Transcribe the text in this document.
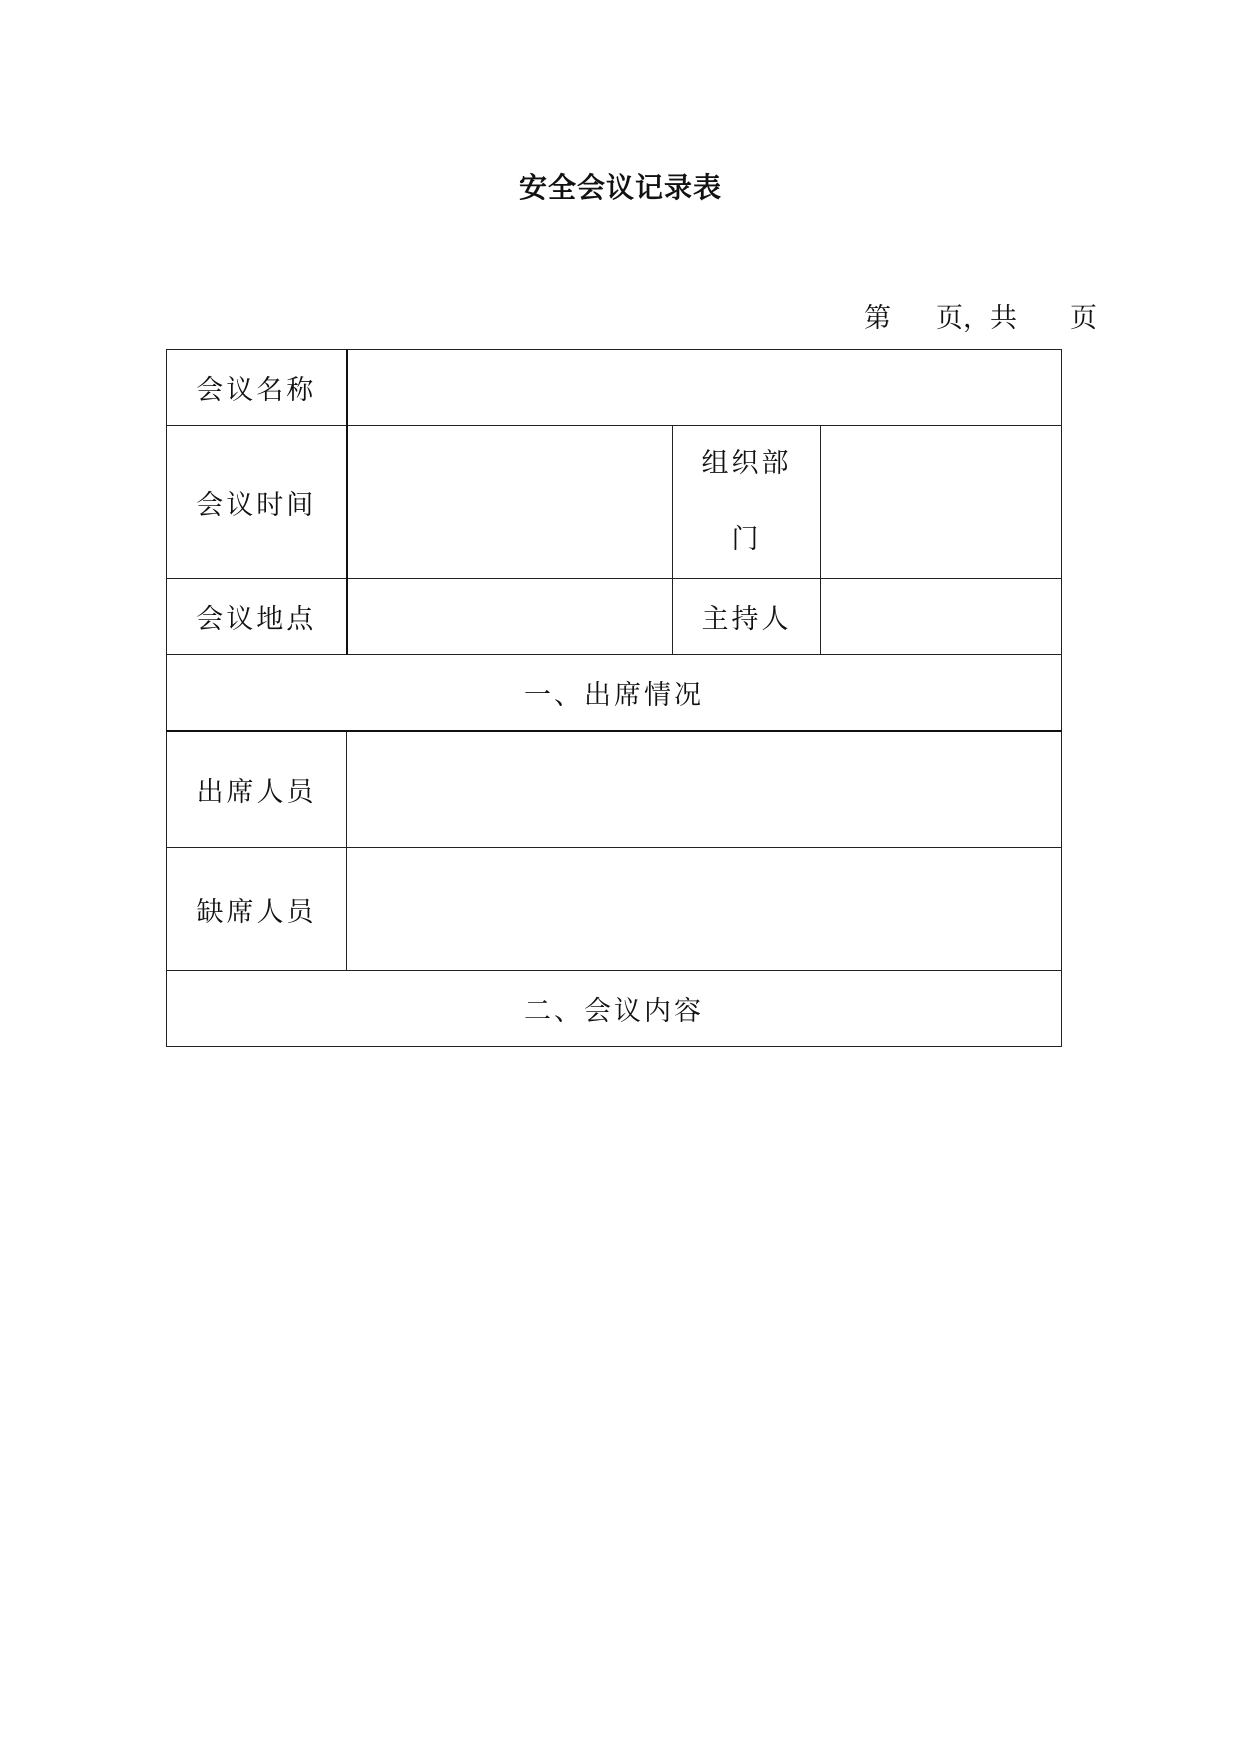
安全会议记录表
第 页， 共 页
会议名称			
会议时间		组织部门	
会议地点		主持人	
一、出席情况			
出席人员			
缺席人员			
二、会议内容			
